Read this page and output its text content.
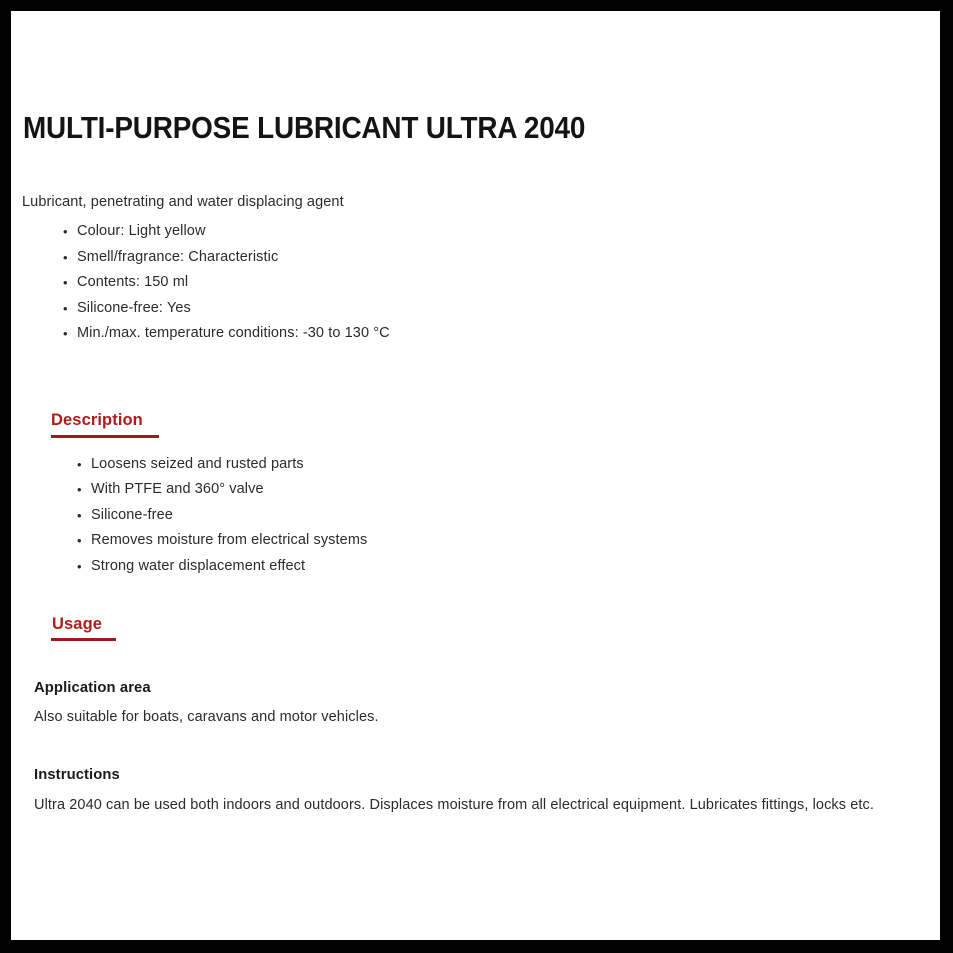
MULTI-PURPOSE LUBRICANT ULTRA 2040

Lubricant, penetrating and water displacing agent

• Colour: Light yellow
• Smell/fragrance: Characteristic
• Contents: 150 ml
• Silicone-free: Yes
• Min./max. temperature conditions: -30 to 130 °C
Description
• Loosens seized and rusted parts
• With PTFE and 360° valve
• Silicone-free
• Removes moisture from electrical systems
• Strong water displacement effect
Usage
Application area

Also suitable for boats, caravans and motor vehicles.

Instructions

Ultra 2040 can be used both indoors and outdoors. Displaces moisture from all electrical equipment. Lubricates fittings, locks etc.
